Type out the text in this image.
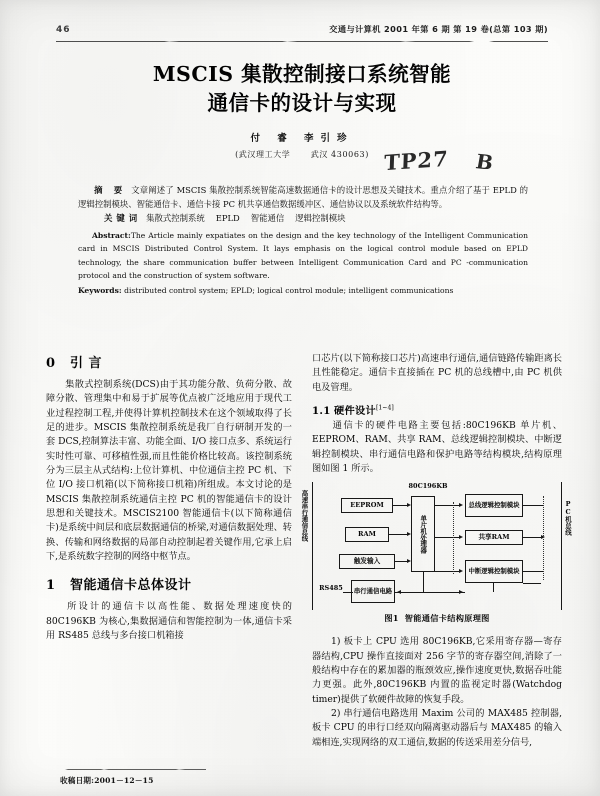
46	交通与计算机 2001 年第 6 期 第 19 卷(总第 103 期)
MSCIS 集散控制接口系统智能
通信卡的设计与实现
付 睿 李引珍
(武汉理工大学	武汉 430063) TP27 B
摘 要 文章阐述了 MSCIS 集散控制系统智能高速数据通信卡的设计思想及关键技术。重点介绍了基于 EPLD 的逻辑控制模块、智能通信卡、通信卡接 PC 机共享通信数据缓冲区、通信协议以及系统软件结构等。
关键词 集散式控制系统 EPLD 智能通信 逻辑控制模块
Abstract:The Article mainly expatiates on the design and the key technology of the Intelligent Communication card in MSCIS Distributed Control System. It lays emphasis on the logical control module based on EPLD technology, the share communication buffer between Intelligent Communication Card and PC -communication protocol and the construction of system software.
Keywords: distributed control system; EPLD; logical control module; intelligent communications
0 引 言

集散式控制系统(DCS)由于其功能分散、负荷分散、故障分散、管理集中和易于扩展等优点被广泛地应用于现代工业过程控制工程,并使得计算机控制技术在这个领域取得了长足的进步。MSCIS 集散控制系统是我厂自行研制开发的一套 DCS,控制算法丰富、功能全面、I/O 接口点多、系统运行实时性可靠、可移植性强,而且性能价格比较高。该控制系统分为三层主从式结构:上位计算机、中位通信主控 PC 机、下位 I/O 接口机箱(以下简称接口机箱)所组成。本文讨论的是 MSCIS 集散控制系统通信主控 PC 机的智能通信卡的设计思想和关键技术。MSCIS2100 智能通信卡(以下简称通信卡)是系统中间层和底层数据通信的桥梁,对通信数据处理、转换、传输和网络数据的局部自动控制起着关键作用,它承上启下,是系统数字控制的网络中枢节点。

1 智能通信卡总体设计

所设计的通信卡以高性能、数据处理速度快的 80C196KB 为核心,集数据通信和智能控制为一体,通信卡采用 RS485 总线与多台接口机箱接

口芯片(以下简称接口芯片)高速串行通信,通信链路传输距离长且性能稳定。通信卡直接插在 PC 机的总线槽中,由 PC 机供电及管理。

1.1 硬件设计[1~4]

通信卡的硬件电路主要包括:80C196KB 单片机、EEPROM、RAM、共享 RAM、总线逻辑控制模块、中断逻辑控制模块、串行通信电路和保护电路等结构模块,结构原理图如图 1 所示。

高速串行通信总线	PC机总线
80C196KB
EEPROM
RAM
触发输入
单片机处理器
总线逻辑控制模块
共享RAM
中断逻辑控制模块
串行通信电路
RS485
图1 智能通信卡结构原理图

1) 板卡上 CPU 选用 80C196KB,它采用寄存器—寄存器结构,CPU 操作直接面对 256 字节的寄存器空间,消除了一般结构中存在的累加器的瓶颈效应,操作速度更快,数据吞吐能力更强。此外,80C196KB 内置的监视定时器(Watchdog timer)提供了软硬件故障的恢复手段。

2) 串行通信电路选用 Maxim 公司的 MAX485 控制器,板卡 CPU 的串行口经双向隔离驱动器后与 MAX485 的输入端相连,实现网络的双工通信,数据的传送采用差分信号,

收稿日期:2001－12－15
